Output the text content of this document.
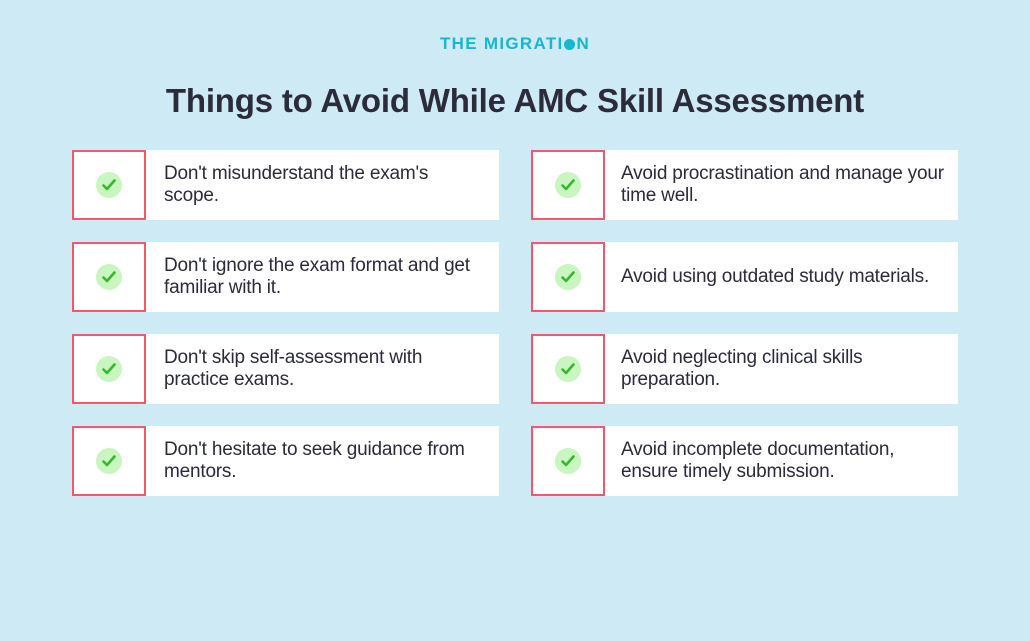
THE MIGRATI N
Things to Avoid While AMC Skill Assessment
Don't misunderstand the exam's scope.
Avoid procrastination and manage your time well.
Don't ignore the exam format and get familiar with it.
Avoid using outdated study materials.
Don't skip self-assessment with practice exams.
Avoid neglecting clinical skills preparation.
Don't hesitate to seek guidance from mentors.
Avoid incomplete documentation, ensure timely submission.
